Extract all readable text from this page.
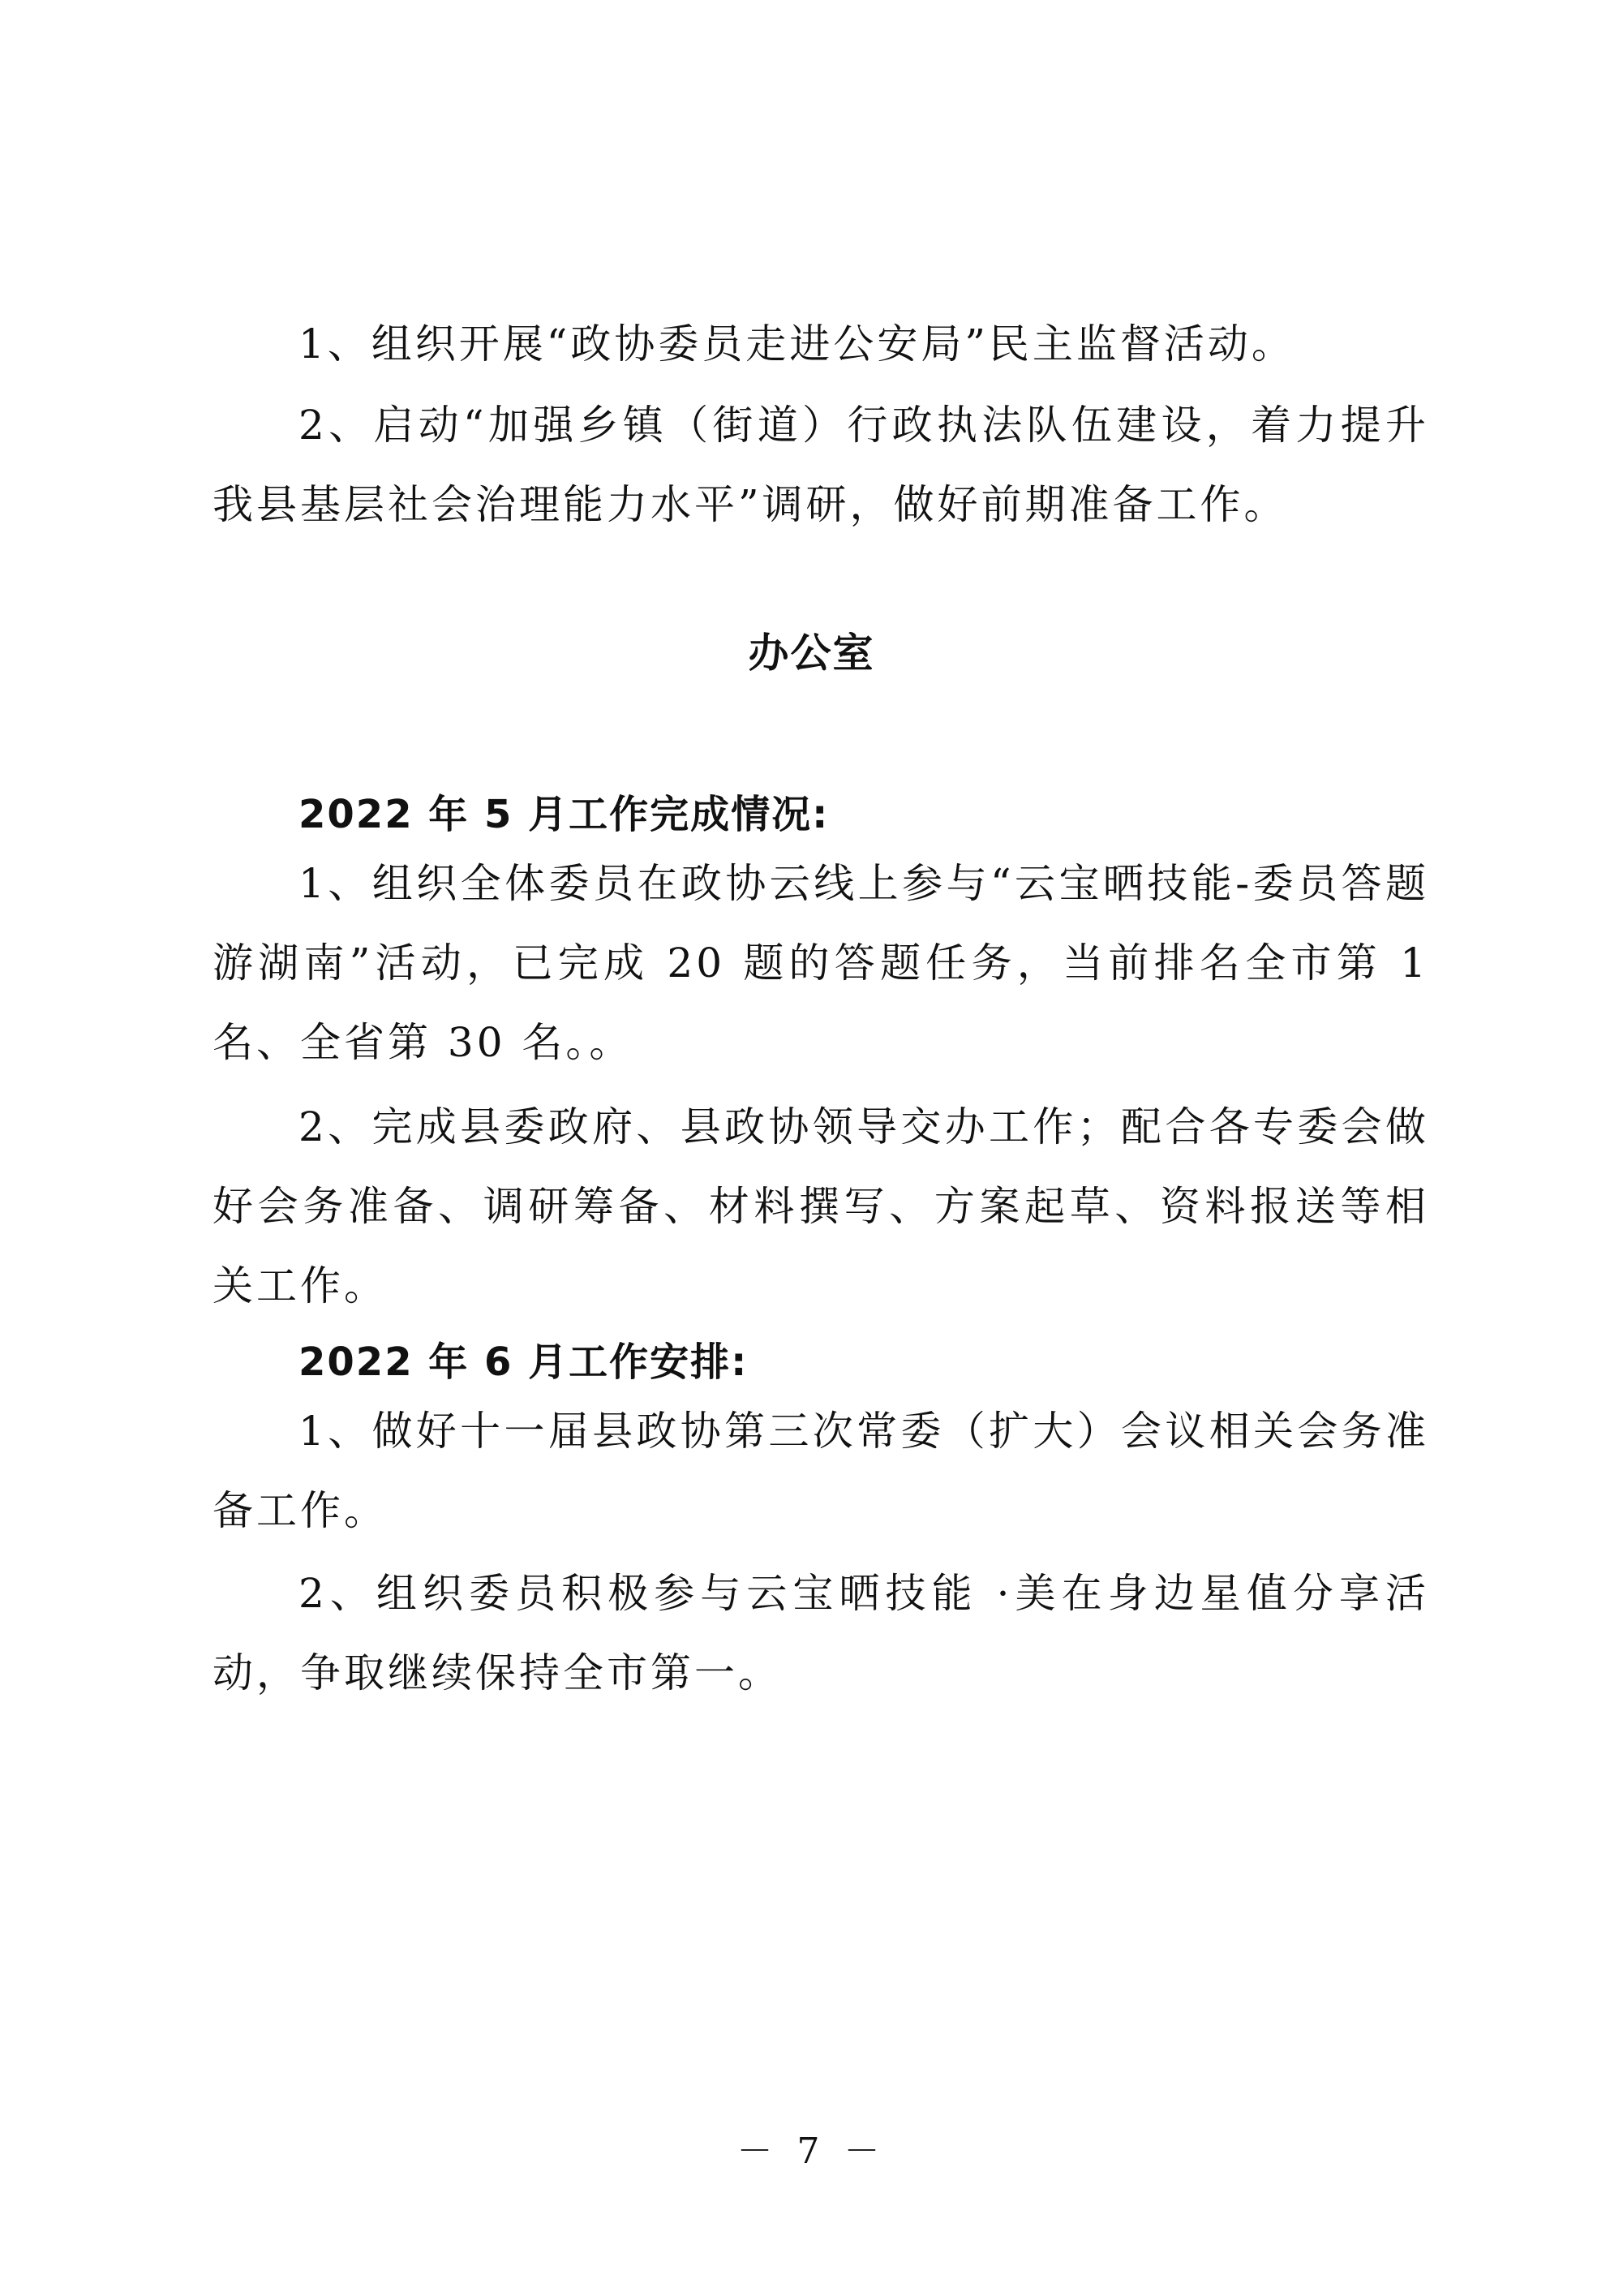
1、组织开展“政协委员走进公安局”民主监督活动。

2、启动“加强乡镇（街道）行政执法队伍建设，着力提升我县基层社会治理能力水平”调研，做好前期准备工作。

办公室
2022 年 5 月工作完成情况:

1、组织全体委员在政协云线上参与“云宝晒技能-委员答题游湖南”活动，已完成 20 题的答题任务，当前排名全市第 1 名、全省第 30 名。。

2、完成县委政府、县政协领导交办工作；配合各专委会做好会务准备、调研筹备、材料撰写、方案起草、资料报送等相关工作。

2022 年 6 月工作安排:

1、做好十一届县政协第三次常委（扩大）会议相关会务准备工作。

2、组织委员积极参与云宝晒技能 ·美在身边星值分享活动，争取继续保持全市第一。

－ 7 －
